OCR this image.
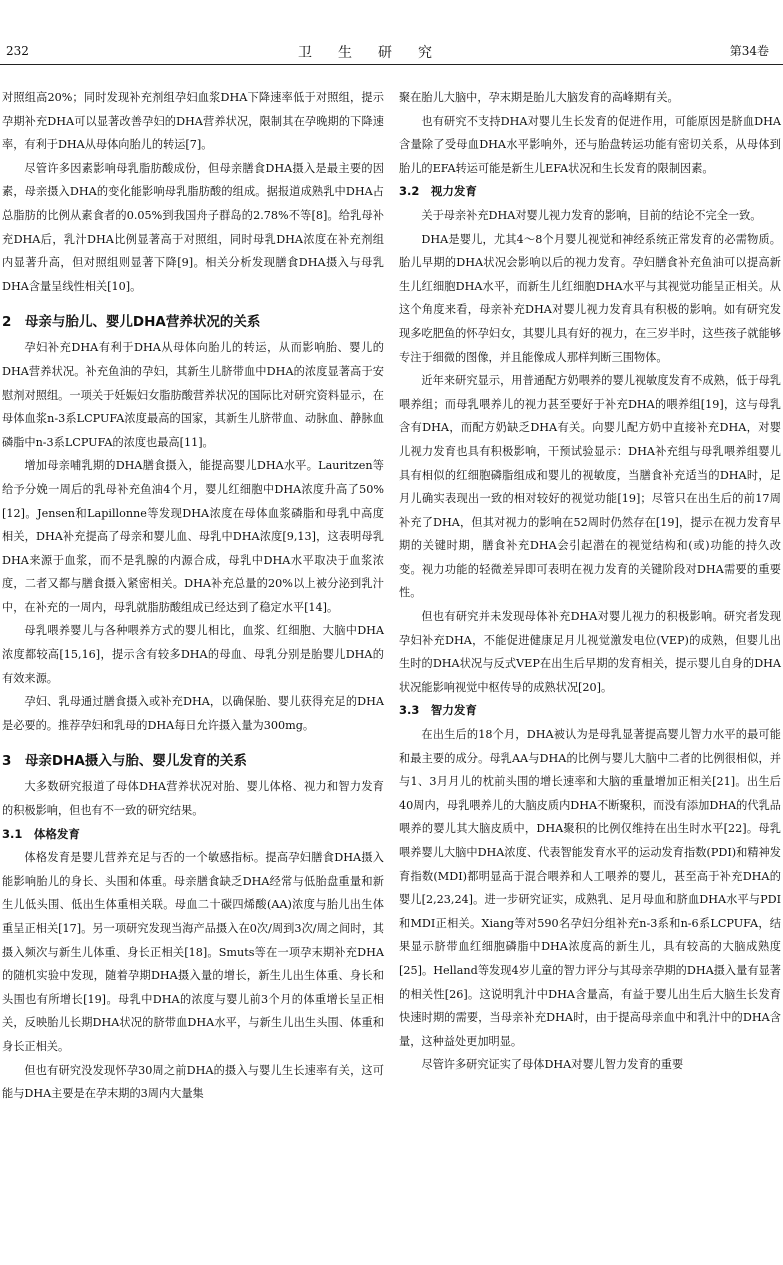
232	卫生研究	第34卷

对照组高20%；同时发现补充剂组孕妇血浆DHA下降速率低于对照组，提示孕期补充DHA可以显著改善孕妇的DHA营养状况，限制其在孕晚期的下降速率，有利于DHA从母体向胎儿的转运[7]。

尽管许多因素影响母乳脂肪酸成份，但母亲膳食DHA摄入是最主要的因素，母亲摄入DHA的变化能影响母乳脂肪酸的组成。据报道成熟乳中DHA占总脂肪的比例从素食者的0.05%到我国舟子群岛的2.78%不等[8]。给乳母补充DHA后，乳汁DHA比例显著高于对照组，同时母乳DHA浓度在补充剂组内显著升高，但对照组则显著下降[9]。相关分析发现膳食DHA摄入与母乳DHA含量呈线性相关[10]。

2　母亲与胎儿、婴儿DHA营养状况的关系

孕妇补充DHA有利于DHA从母体向胎儿的转运，从而影响胎、婴儿的DHA营养状况。补充鱼油的孕妇，其新生儿脐带血中DHA的浓度显著高于安慰剂对照组。一项关于妊娠妇女脂肪酸营养状况的国际比对研究资料显示，在母体血浆n-3系LCPUFA浓度最高的国家，其新生儿脐带血、动脉血、静脉血磷脂中n-3系LCPUFA的浓度也最高[11]。

增加母亲哺乳期的DHA膳食摄入，能提高婴儿DHA水平。Lauritzen等给予分娩一周后的乳母补充鱼油4个月，婴儿红细胞中DHA浓度升高了50%[12]。Jensen和Lapillonne等发现DHA浓度在母体血浆磷脂和母乳中高度相关，DHA补充提高了母亲和婴儿血、母乳中DHA浓度[9,13]，这表明母乳DHA来源于血浆，而不是乳腺的内源合成，母乳中DHA水平取决于血浆浓度，二者又都与膳食摄入紧密相关。DHA补充总量的20%以上被分泌到乳汁中，在补充的一周内，母乳就脂肪酸组成已经达到了稳定水平[14]。

母乳喂养婴儿与各种喂养方式的婴儿相比，血浆、红细胞、大脑中DHA浓度都较高[15,16]，提示含有较多DHA的母血、母乳分别是胎婴儿DHA的有效来源。

孕妇、乳母通过膳食摄入或补充DHA，以确保胎、婴儿获得充足的DHA是必要的。推荐孕妇和乳母的DHA每日允许摄入量为300mg。

3　母亲DHA摄入与胎、婴儿发育的关系

大多数研究报道了母体DHA营养状况对胎、婴儿体格、视力和智力发育的积极影响，但也有不一致的研究结果。

3.1　体格发育

体格发育是婴儿营养充足与否的一个敏感指标。提高孕妇膳食DHA摄入能影响胎儿的身长、头围和体重。母亲膳食缺乏DHA经常与低胎盘重量和新生儿低头围、低出生体重相关联。母血二十碳四烯酸(AA)浓度与胎儿出生体重呈正相关[17]。另一项研究发现当海产品摄入在0次/周到3次/周之间时，其摄入频次与新生儿体重、身长正相关[18]。Smuts等在一项孕末期补充DHA的随机实验中发现，随着孕期DHA摄入量的增长，新生儿出生体重、身长和头围也有所增长[19]。母乳中DHA的浓度与婴儿前3个月的体重增长呈正相关，反映胎儿长期DHA状况的脐带血DHA水平，与新生儿出生头围、体重和身长正相关。

但也有研究没发现怀孕30周之前DHA的摄入与婴儿生长速率有关，这可能与DHA主要是在孕末期的3周内大量集

聚在胎儿大脑中，孕末期是胎儿大脑发育的高峰期有关。

也有研究不支持DHA对婴儿生长发育的促进作用，可能原因是脐血DHA含量除了受母血DHA水平影响外，还与胎盘转运功能有密切关系，从母体到胎儿的EFA转运可能是新生儿EFA状况和生长发育的限制因素。

3.2　视力发育

关于母亲补充DHA对婴儿视力发育的影响，目前的结论不完全一致。

DHA是婴儿，尤其4～8个月婴儿视觉和神经系统正常发育的必需物质。胎儿早期的DHA状况会影响以后的视力发育。孕妇膳食补充鱼油可以提高新生儿红细胞DHA水平，而新生儿红细胞DHA水平与其视觉功能呈正相关。从这个角度来看，母亲补充DHA对婴儿视力发育具有积极的影响。如有研究发现多吃肥鱼的怀孕妇女，其婴儿具有好的视力，在三岁半时，这些孩子就能够专注于细微的图像，并且能像成人那样判断三围物体。

近年来研究显示，用普通配方奶喂养的婴儿视敏度发育不成熟，低于母乳喂养组；而母乳喂养儿的视力甚至要好于补充DHA的喂养组[19]，这与母乳含有DHA，而配方奶缺乏DHA有关。向婴儿配方奶中直接补充DHA，对婴儿视力发育也具有积极影响，干预试验显示：DHA补充组与母乳喂养组婴儿具有相似的红细胞磷脂组成和婴儿的视敏度，当膳食补充适当的DHA时，足月儿确实表现出一致的相对较好的视觉功能[19]；尽管只在出生后的前17周补充了DHA，但其对视力的影响在52周时仍然存在[19]，提示在视力发育早期的关键时期，膳食补充DHA会引起潜在的视觉结构和(或)功能的持久改变。视力功能的轻微差异即可表明在视力发育的关键阶段对DHA需要的重要性。

但也有研究并未发现母体补充DHA对婴儿视力的积极影响。研究者发现孕妇补充DHA，不能促进健康足月儿视觉激发电位(VEP)的成熟，但婴儿出生时的DHA状况与反式VEP在出生后早期的发育相关，提示婴儿自身的DHA状况能影响视觉中枢传导的成熟状况[20]。

3.3　智力发育

在出生后的18个月，DHA被认为是母乳显著提高婴儿智力水平的最可能和最主要的成分。母乳AA与DHA的比例与婴儿大脑中二者的比例很相似，并与1、3月月儿的枕前头围的增长速率和大脑的重量增加正相关[21]。出生后40周内，母乳喂养儿的大脑皮质内DHA不断聚积，而没有添加DHA的代乳品喂养的婴儿其大脑皮质中，DHA聚积的比例仅维持在出生时水平[22]。母乳喂养婴儿大脑中DHA浓度、代表智能发育水平的运动发育指数(PDI)和精神发育指数(MDI)都明显高于混合喂养和人工喂养的婴儿，甚至高于补充DHA的婴儿[2,23,24]。进一步研究证实，成熟乳、足月母血和脐血DHA水平与PDI和MDI正相关。Xiang等对590名孕妇分组补充n-3系和n-6系LCPUFA，结果显示脐带血红细胞磷脂中DHA浓度高的新生儿，具有较高的大脑成熟度[25]。Helland等发现4岁儿童的智力评分与其母亲孕期的DHA摄入量有显著的相关性[26]。这说明乳汁中DHA含量高，有益于婴儿出生后大脑生长发育快速时期的需要，当母亲补充DHA时，由于提高母亲血中和乳汁中的DHA含量，这种益处更加明显。

尽管许多研究证实了母体DHA对婴儿智力发育的重要
